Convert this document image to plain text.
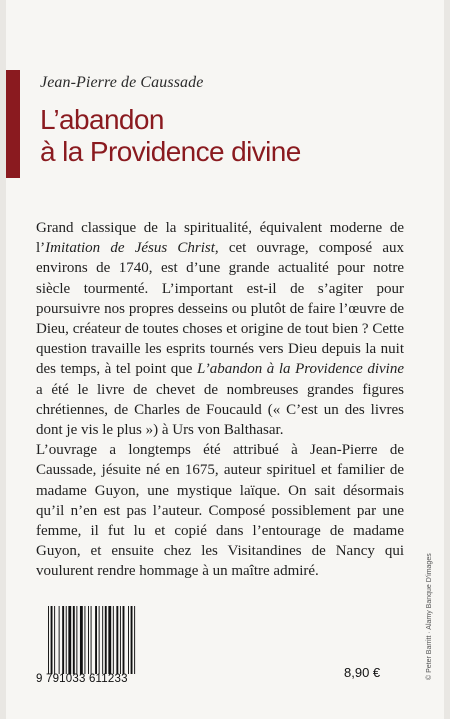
Jean-Pierre de Caussade
L’abandon
à la Providence divine

Grand classique de la spiritualité, équivalent moderne de l’Imitation de Jésus Christ, cet ouvrage, composé aux environs de 1740, est d’une grande actualité pour notre siècle tourmenté. L’important est-il de s’agiter pour poursuivre nos propres desseins ou plutôt de faire l’œuvre de Dieu, créateur de toutes choses et origine de tout bien ? Cette question travaille les esprits tournés vers Dieu depuis la nuit des temps, à tel point que L’abandon à la Providence divine a été le livre de chevet de nombreuses grandes figures chrétiennes, de Charles de Foucauld (« C’est un des livres dont je vis le plus ») à Urs von Balthasar.

L’ouvrage a longtemps été attribué à Jean-Pierre de Caussade, jésuite né en 1675, auteur spirituel et familier de madame Guyon, une mystique laïque. On sait désormais qu’il n’en est pas l’auteur. Composé possiblement par une femme, il fut lu et copié dans l’entourage de madame Guyon, et ensuite chez les Visitandines de Nancy qui voulurent rendre hommage à un maître admiré.

9 791033 611233	8,90 €	© Peter Barritt · Alamy Banque D'images
